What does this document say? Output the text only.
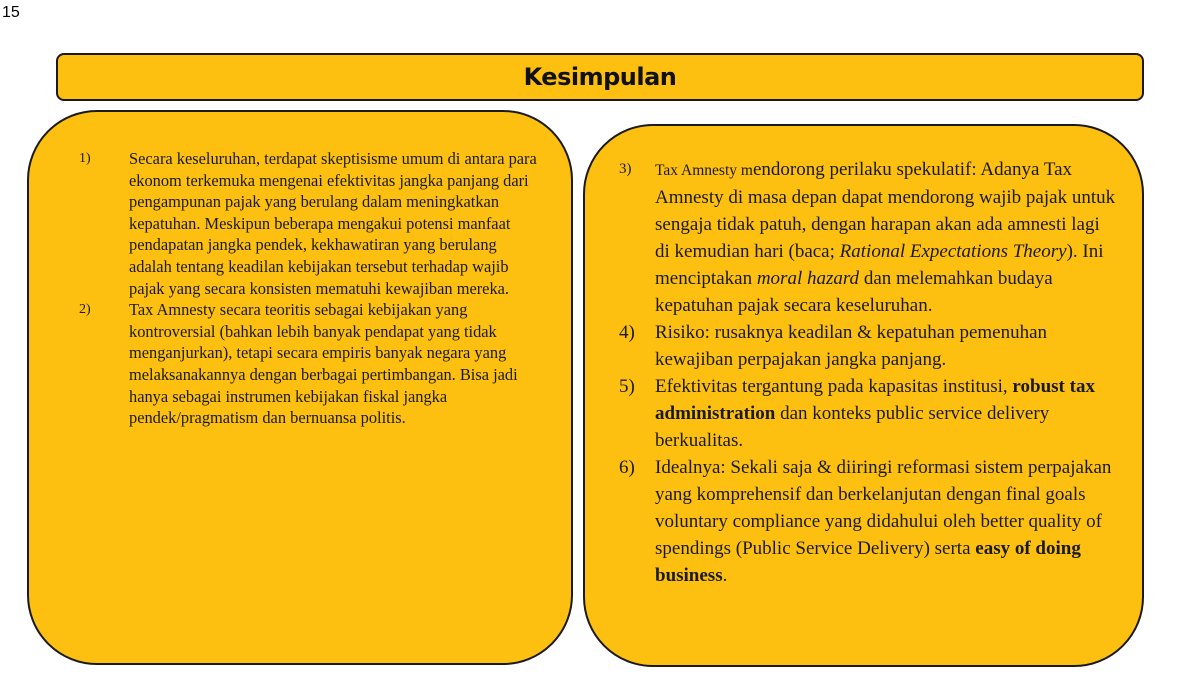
15
Kesimpulan
1)	Secara keseluruhan, terdapat skeptisisme umum di antara para ekonom terkemuka mengenai efektivitas jangka panjang dari pengampunan pajak yang berulang dalam meningkatkan kepatuhan. Meskipun beberapa mengakui potensi manfaat pendapatan jangka pendek, kekhawatiran yang berulang adalah tentang keadilan kebijakan tersebut terhadap wajib pajak yang secara konsisten mematuhi kewajiban mereka.
2)	Tax Amnesty secara teoritis sebagai kebijakan yang kontroversial (bahkan lebih banyak pendapat yang tidak menganjurkan), tetapi secara empiris banyak negara yang melaksanakannya dengan berbagai pertimbangan. Bisa jadi hanya sebagai instrumen kebijakan fiskal jangka pendek/pragmatism dan bernuansa politis.
3)	Tax Amnesty mendorong perilaku spekulatif: Adanya Tax Amnesty di masa depan dapat mendorong wajib pajak untuk sengaja tidak patuh, dengan harapan akan ada amnesti lagi di kemudian hari (baca; Rational Expectations Theory). Ini menciptakan moral hazard dan melemahkan budaya kepatuhan pajak secara keseluruhan.
4)	Risiko: rusaknya keadilan & kepatuhan pemenuhan kewajiban perpajakan jangka panjang.
5)	Efektivitas tergantung pada kapasitas institusi, robust tax administration dan konteks public service delivery berkualitas.
6)	Idealnya: Sekali saja & diiringi reformasi sistem perpajakan yang komprehensif dan berkelanjutan dengan final goals voluntary compliance yang didahului oleh better quality of spendings (Public Service Delivery) serta easy of doing business.
